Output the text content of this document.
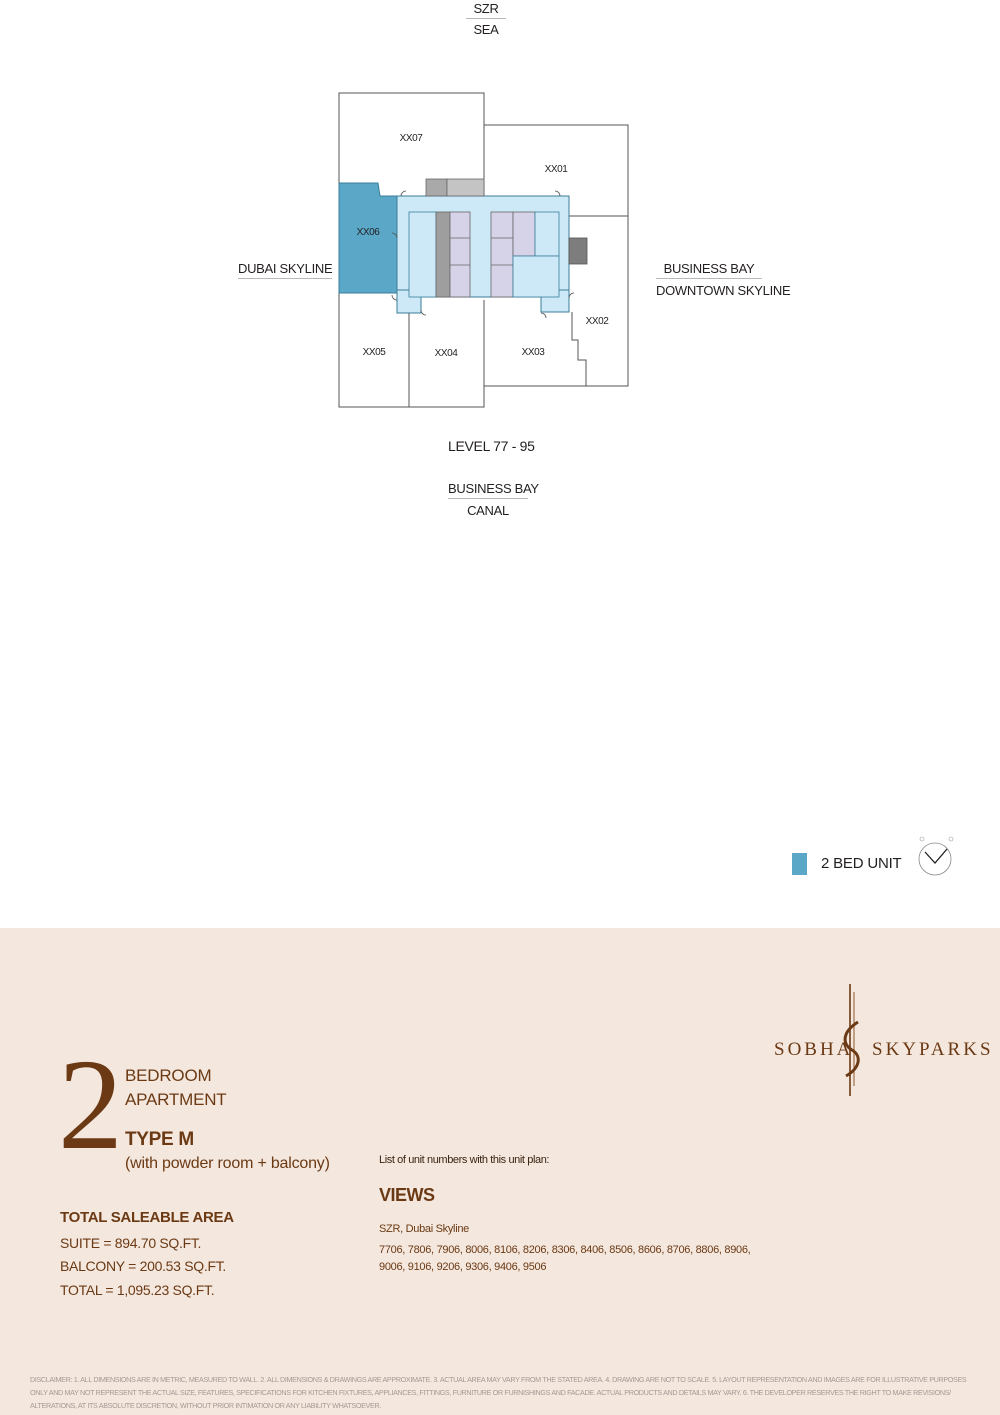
SZR
SEA
DUBAI SKYLINE	BUSINESS BAY
DOWNTOWN SKYLINE
LEVEL 77 - 95
BUSINESS BAY
CANAL
XX07
XX01
XX06
XX02
XX05	XX04	XX03
2 BED UNIT
2 BEDROOM
APARTMENT
TYPE M
(with powder room + balcony)
TOTAL SALEABLE AREA
SUITE = 894.70 SQ.FT.
BALCONY = 200.53 SQ.FT.
TOTAL = 1,095.23 SQ.FT.
List of unit numbers with this unit plan:
VIEWS
SZR, Dubai Skyline
7706, 7806, 7906, 8006, 8106, 8206, 8306, 8406, 8506, 8606, 8706, 8806, 8906, 9006, 9106, 9206, 9306, 9406, 9506
SOBHA SKYPARKS
DISCLAIMER: 1. ALL DIMENSIONS ARE IN METRIC, MEASURED TO WALL. 2. ALL DIMENSIONS & DRAWINGS ARE APPROXIMATE. 3. ACTUAL AREA MAY VARY FROM THE STATED AREA. 4. DRAWING ARE NOT TO SCALE. 5. LAYOUT REPRESENTATION AND IMAGES ARE FOR ILLUSTRATIVE PURPOSES ONLY AND MAY NOT REPRESENT THE ACTUAL SIZE, FEATURES, SPECIFICATIONS FOR KITCHEN FIXTURES, APPLIANCES, FITTINGS, FURNITURE OR FURNISHINGS AND FACADE. ACTUAL PRODUCTS AND DETAILS MAY VARY. 6. THE DEVELOPER RESERVES THE RIGHT TO MAKE REVISIONS/ ALTERATIONS, AT ITS ABSOLUTE DISCRETION, WITHOUT PRIOR INTIMATION OR ANY LIABILITY WHATSOEVER.
